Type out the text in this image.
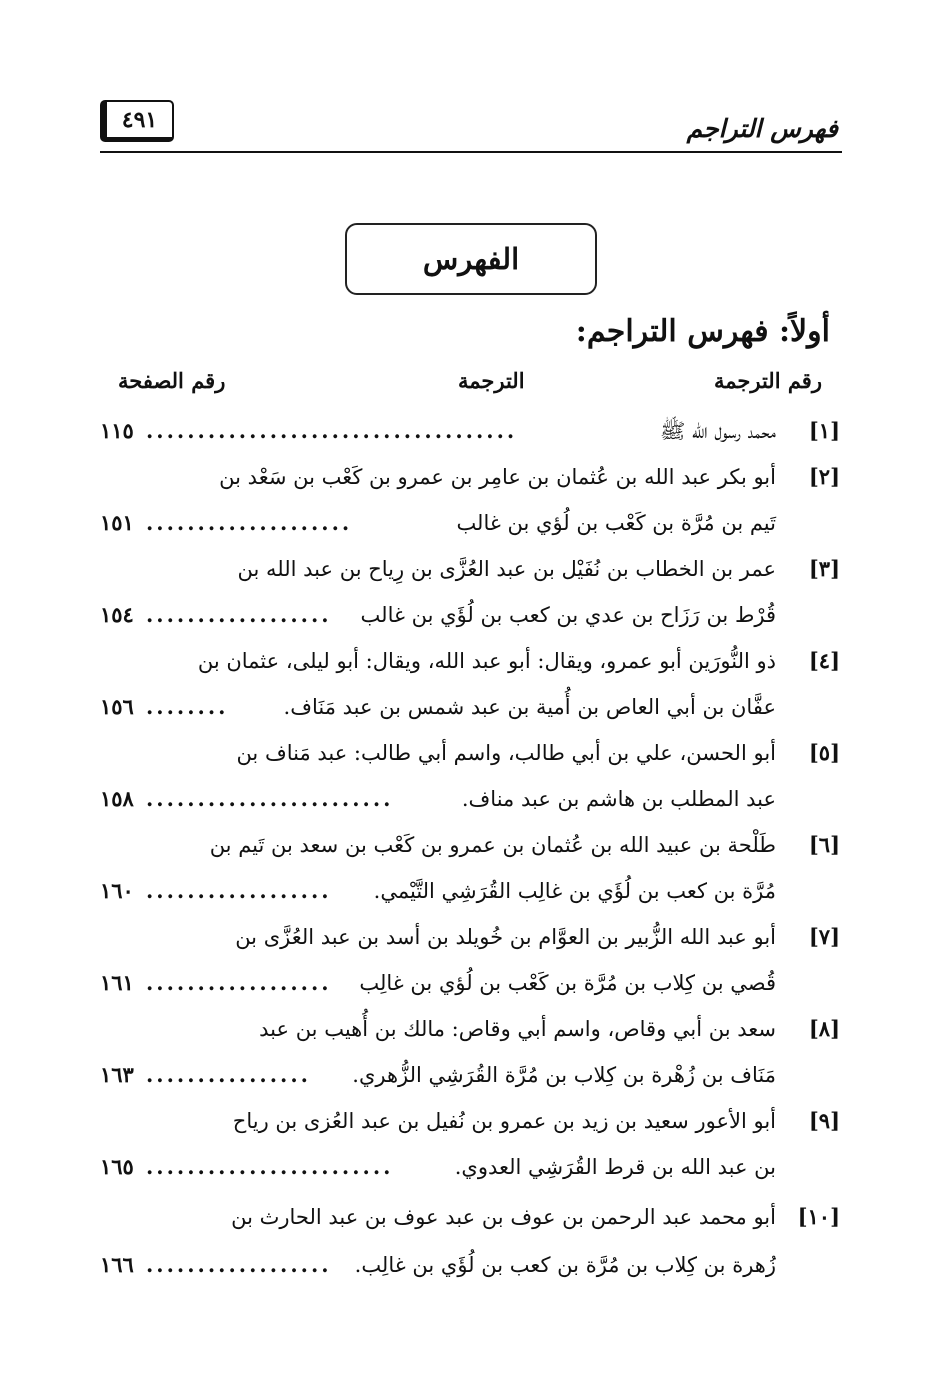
فهرس التراجم
٤٩١
الفهرس
أولاً: فهرس التراجم:
رقم الترجمة
الترجمة
رقم الصفحة
[١]
محمد رسول الله ﷺ
....................................
١١٥
[٢]
أبو بكر عبد الله بن عُثمان بن عامِر بن عمرو بن كَعْب بن سَعْد بن
تَيم بن مُرَّة بن كَعْب بن لُؤي بن غالب
....................
١٥١
[٣]
عمر بن الخطاب بن نُفَيْل بن عبد العُزَّى بن رِياح بن عبد الله بن
قُرْط بن رَزَاح بن عدي بن كعب بن لُؤَي بن غالب
..................
١٥٤
[٤]
ذو النُّورَين أبو عمرو، ويقال: أبو عبد الله، ويقال: أبو ليلى، عثمان بن
عفَّان بن أبي العاص بن أُمية بن عبد شمس بن عبد مَنَاف.
........
١٥٦
[٥]
أبو الحسن، علي بن أبي طالب، واسم أبي طالب: عبد مَناف بن
عبد المطلب بن هاشم بن عبد مناف.
........................
١٥٨
[٦]
طَلْحة بن عبيد الله بن عُثمان بن عمرو بن كَعْب بن سعد بن تَيم بن
مُرَّة بن كعب بن لُؤَي بن غالِب القُرَشِي التَّيْمي.
..................
١٦٠
[٧]
أبو عبد الله الزُّبير بن العوَّام بن خُويلد بن أسد بن عبد العُزَّى بن
قُصي بن كِلاب بن مُرَّة بن كَعْب بن لُؤي بن غالِب
..................
١٦١
[٨]
سعد بن أبي وقاص، واسم أبي وقاص: مالك بن أُهيب بن عبد
مَنَاف بن زُهْرة بن كِلاب بن مُرَّة القُرَشِي الزُّهري.
................
١٦٣
[٩]
أبو الأعور سعيد بن زيد بن عمرو بن نُفيل بن عبد العُزى بن رياح
بن عبد الله بن قرط القُرَشِي العدوي.
........................
١٦٥
[١٠]
أبو محمد عبد الرحمن بن عوف بن عبد عوف بن عبد الحارث بن
زُهرة بن كِلاب بن مُرَّة بن كعب بن لُؤَي بن غالِب.
..................
١٦٦
